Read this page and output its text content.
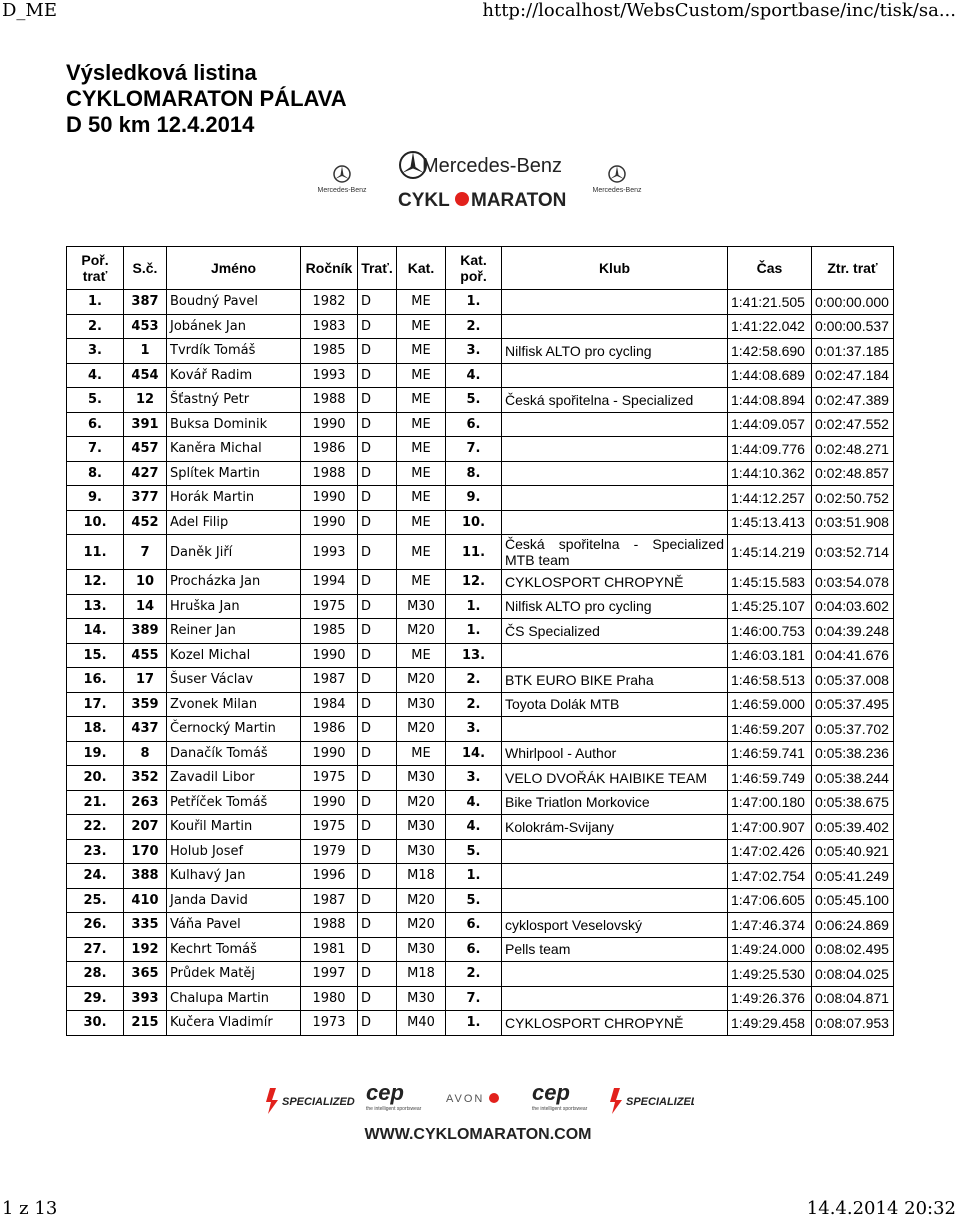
D_ME	http://localhost/WebsCustom/sportbase/inc/tisk/sa...
Výsledková listina
CYKLOMARATON PÁLAVA
D 50 km 12.4.2014
Mercedes-Benz
Mercedes-Benz
CYKL MARATON	Mercedes-Benz
Poř. trať	S.č.	Jméno	Ročník	Trať.	Kat.	Kat. poř.	Klub	Čas	Ztr. trať
1.	387	Boudný Pavel	1982	D	ME	1.		1:41:21.505	0:00:00.000
2.	453	Jobánek Jan	1983	D	ME	2.		1:41:22.042	0:00:00.537
3.	1	Tvrdík Tomáš	1985	D	ME	3.	Nilfisk ALTO pro cycling	1:42:58.690	0:01:37.185
4.	454	Kovář Radim	1993	D	ME	4.		1:44:08.689	0:02:47.184
5.	12	Šťastný Petr	1988	D	ME	5.	Česká spořitelna - Specialized	1:44:08.894	0:02:47.389
6.	391	Buksa Dominik	1990	D	ME	6.		1:44:09.057	0:02:47.552
7.	457	Kaněra Michal	1986	D	ME	7.		1:44:09.776	0:02:48.271
8.	427	Splítek Martin	1988	D	ME	8.		1:44:10.362	0:02:48.857
9.	377	Horák Martin	1990	D	ME	9.		1:44:12.257	0:02:50.752
10.	452	Adel Filip	1990	D	ME	10.		1:45:13.413	0:03:51.908
11.	7	Daněk Jiří	1993	D	ME	11.	Česká spořitelna - Specialized MTB team	1:45:14.219	0:03:52.714
12.	10	Procházka Jan	1994	D	ME	12.	CYKLOSPORT CHROPYNĚ	1:45:15.583	0:03:54.078
13.	14	Hruška Jan	1975	D	M30	1.	Nilfisk ALTO pro cycling	1:45:25.107	0:04:03.602
14.	389	Reiner Jan	1985	D	M20	1.	ČS Specialized	1:46:00.753	0:04:39.248
15.	455	Kozel Michal	1990	D	ME	13.		1:46:03.181	0:04:41.676
16.	17	Šuser Václav	1987	D	M20	2.	BTK EURO BIKE Praha	1:46:58.513	0:05:37.008
17.	359	Zvonek Milan	1984	D	M30	2.	Toyota Dolák MTB	1:46:59.000	0:05:37.495
18.	437	Černocký Martin	1986	D	M20	3.		1:46:59.207	0:05:37.702
19.	8	Danačík Tomáš	1990	D	ME	14.	Whirlpool - Author	1:46:59.741	0:05:38.236
20.	352	Zavadil Libor	1975	D	M30	3.	VELO DVOŘÁK HAIBIKE TEAM	1:46:59.749	0:05:38.244
21.	263	Petříček Tomáš	1990	D	M20	4.	Bike Triatlon Morkovice	1:47:00.180	0:05:38.675
22.	207	Kouřil Martin	1975	D	M30	4.	Kolokrám-Svijany	1:47:00.907	0:05:39.402
23.	170	Holub Josef	1979	D	M30	5.		1:47:02.426	0:05:40.921
24.	388	Kulhavý Jan	1996	D	M18	1.		1:47:02.754	0:05:41.249
25.	410	Janda David	1987	D	M20	5.		1:47:06.605	0:05:45.100
26.	335	Váňa Pavel	1988	D	M20	6.	cyklosport Veselovský	1:47:46.374	0:06:24.869
27.	192	Kechrt Tomáš	1981	D	M30	6.	Pells team	1:49:24.000	0:08:02.495
28.	365	Průdek Matěj	1997	D	M18	2.		1:49:25.530	0:08:04.025
29.	393	Chalupa Martin	1980	D	M30	7.		1:49:26.376	0:08:04.871
30.	215	Kučera Vladimír	1973	D	M40	1.	CYKLOSPORT CHROPYNĚ	1:49:29.458	0:08:07.953
SPECIALIZED cep
the intelligent sportswear
AVON cep
the intelligent sportswear
SPECIALIZED
WWW.CYKLOMARATON.COM
1 z 13	14.4.2014 20:32
